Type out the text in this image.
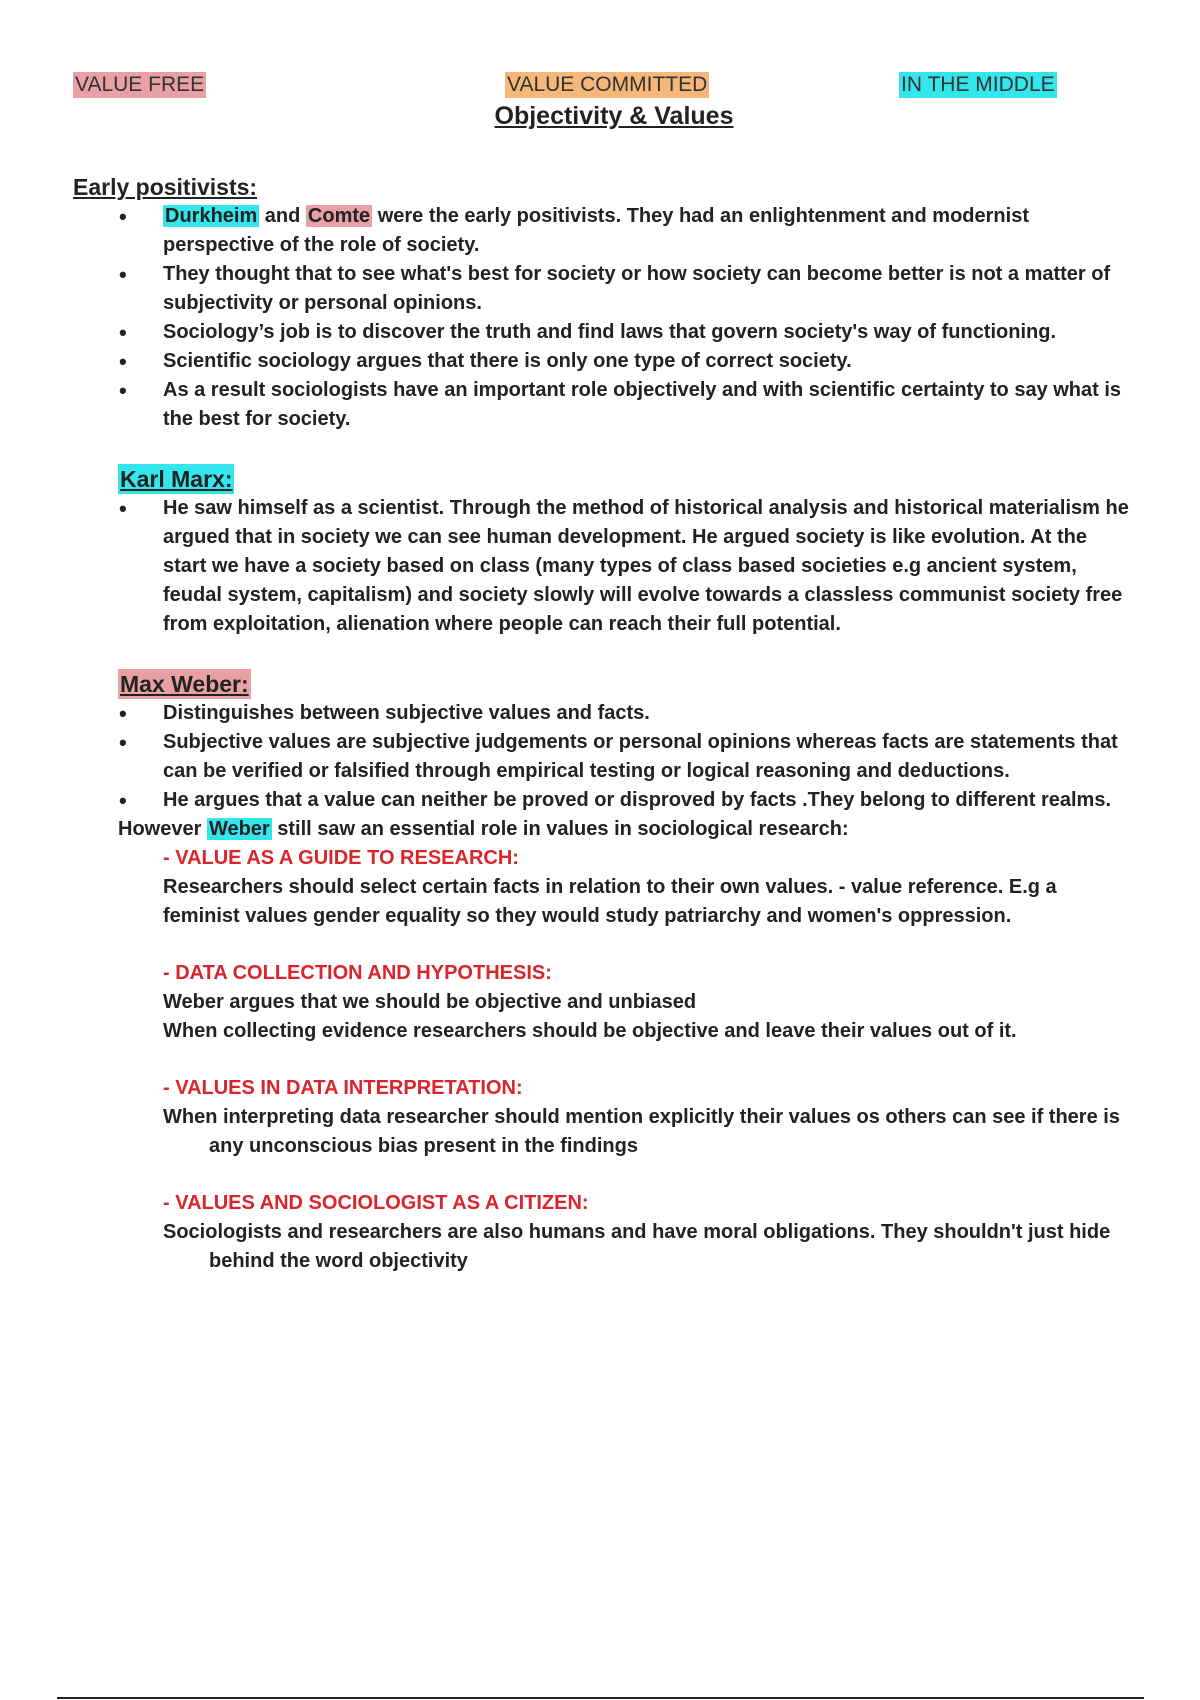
VALUE FREE	VALUE COMMITTED	IN THE MIDDLE
Objectivity & Values
Early positivists:
• Durkheim and Comte were the early positivists. They had an enlightenment and modernist perspective of the role of society.
• They thought that to see what's best for society or how society can become better is not a matter of subjectivity or personal opinions.
• Sociology’s job is to discover the truth and find laws that govern society's way of functioning.
• Scientific sociology argues that there is only one type of correct society.
• As a result sociologists have an important role objectively and with scientific certainty to say what is the best for society.
Karl Marx:
• He saw himself as a scientist. Through the method of historical analysis and historical materialism he argued that in society we can see human development. He argued society is like evolution. At the start we have a society based on class (many types of class based societies e.g ancient system, feudal system, capitalism) and society slowly will evolve towards a classless communist society free from exploitation, alienation where people can reach their full potential.
Max Weber:
• Distinguishes between subjective values and facts.
• Subjective values are subjective judgements or personal opinions whereas facts are statements that can be verified or falsified through empirical testing or logical reasoning and deductions.
• He argues that a value can neither be proved or disproved by facts .They belong to different realms.
However Weber still saw an essential role in values in sociological research:
- VALUE AS A GUIDE TO RESEARCH:
Researchers should select certain facts in relation to their own values. - value reference. E.g a feminist values gender equality so they would study patriarchy and women's oppression.
- DATA COLLECTION AND HYPOTHESIS:
Weber argues that we should be objective and unbiased
When collecting evidence researchers should be objective and leave their values out of it.
- VALUES IN DATA INTERPRETATION:
When interpreting data researcher should mention explicitly their values os others can see if there is any unconscious bias present in the findings
- VALUES AND SOCIOLOGIST AS A CITIZEN:
Sociologists and researchers are also humans and have moral obligations. They shouldn't just hide behind the word objectivity
